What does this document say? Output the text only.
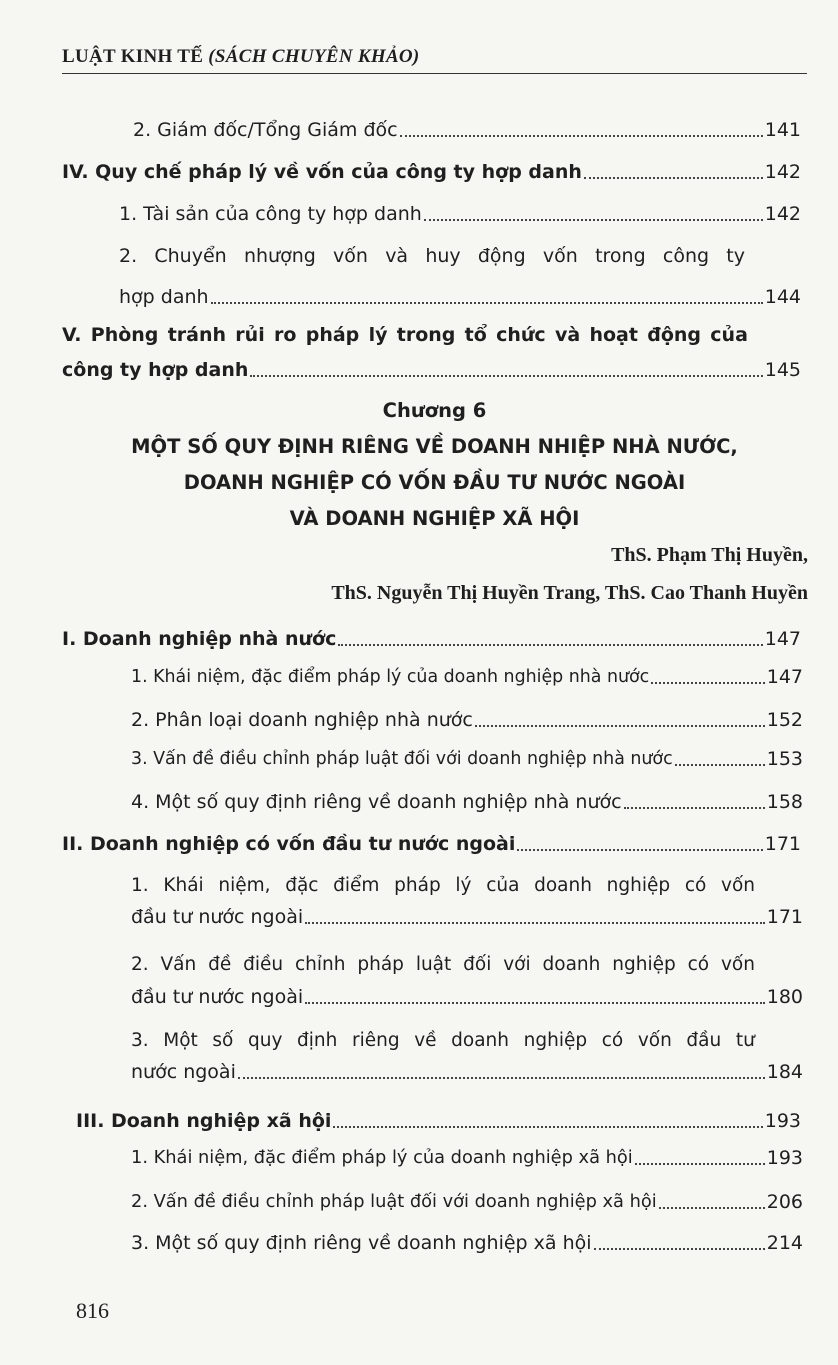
LUẬT KINH TẾ (SÁCH CHUYÊN KHẢO)
2. Giám đốc/Tổng Giám đốc	141
IV. Quy chế pháp lý về vốn của công ty hợp danh	142
1. Tài sản của công ty hợp danh	142
2. Chuyển nhượng vốn và huy động vốn trong công ty
hợp danh	144
V. Phòng tránh rủi ro pháp lý trong tổ chức và hoạt động của
công ty hợp danh	145
Chương 6
MỘT SỐ QUY ĐỊNH RIÊNG VỀ DOANH NHIỆP NHÀ NƯỚC,
DOANH NGHIỆP CÓ VỐN ĐẦU TƯ NƯỚC NGOÀI
VÀ DOANH NGHIỆP XÃ HỘI
ThS. Phạm Thị Huyền,
ThS. Nguyễn Thị Huyền Trang, ThS. Cao Thanh Huyền
I. Doanh nghiệp nhà nước	147
1. Khái niệm, đặc điểm pháp lý của doanh nghiệp nhà nước	147
2. Phân loại doanh nghiệp nhà nước	152
3. Vấn đề điều chỉnh pháp luật đối với doanh nghiệp nhà nước	153
4. Một số quy định riêng về doanh nghiệp nhà nước	158
II. Doanh nghiệp có vốn đầu tư nước ngoài	171
1. Khái niệm, đặc điểm pháp lý của doanh nghiệp có vốn
đầu tư nước ngoài	171
2. Vấn đề điều chỉnh pháp luật đối với doanh nghiệp có vốn
đầu tư nước ngoài	180
3. Một số quy định riêng về doanh nghiệp có vốn đầu tư
nước ngoài	184
III. Doanh nghiệp xã hội	193
1. Khái niệm, đặc điểm pháp lý của doanh nghiệp xã hội	193
2. Vấn đề điều chỉnh pháp luật đối với doanh nghiệp xã hội	206
3. Một số quy định riêng về doanh nghiệp xã hội	214
816
